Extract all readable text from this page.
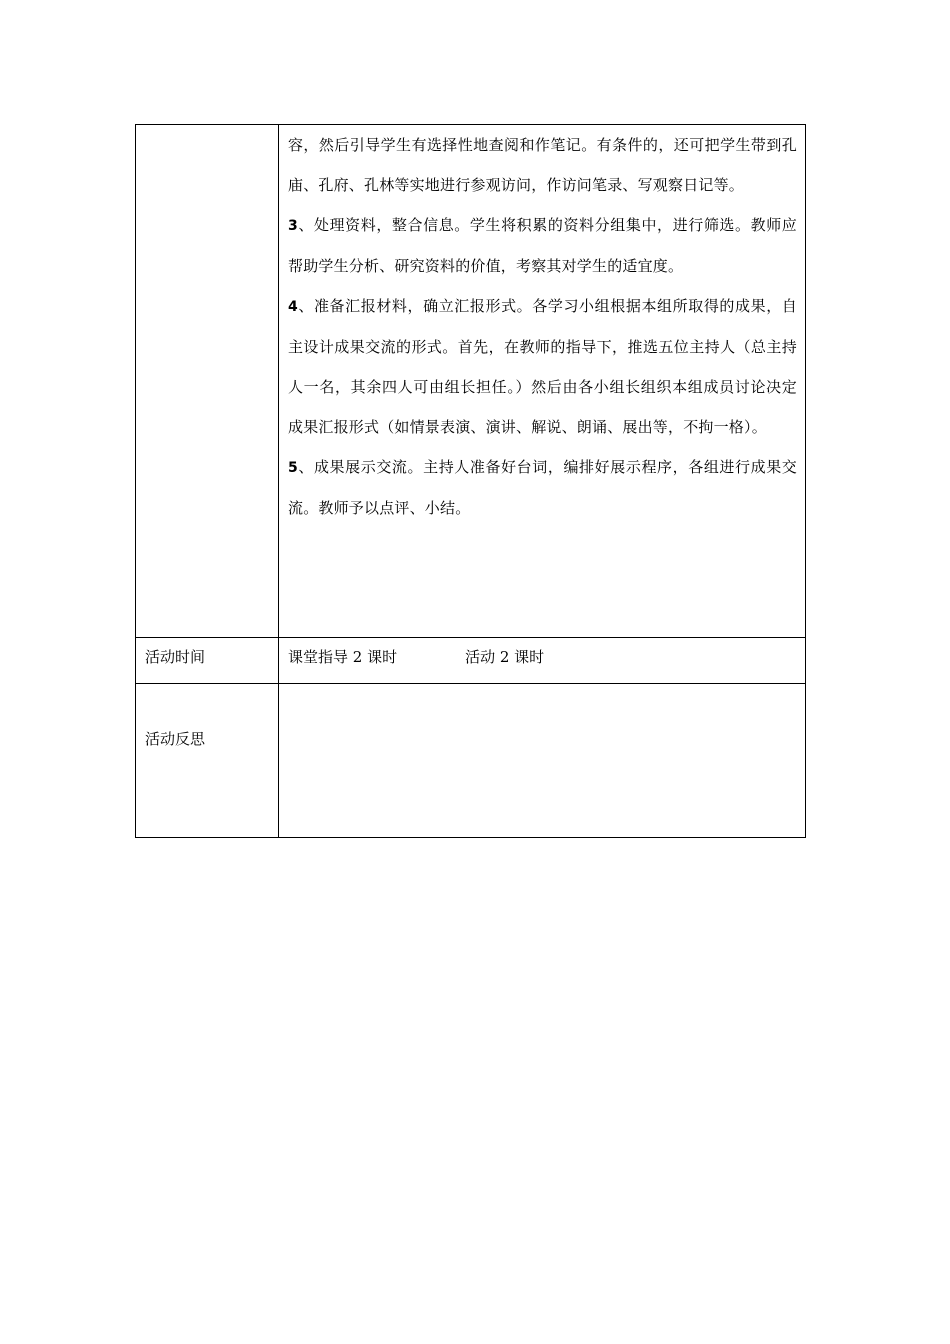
	容，然后引导学生有选择性地查阅和作笔记。有条件的，还可把学生带到孔庙、孔府、孔林等实地进行参观访问，作访问笔录、写观察日记等。

3、处理资料，整合信息。学生将积累的资料分组集中，进行筛选。教师应帮助学生分析、研究资料的价值，考察其对学生的适宜度。

4、准备汇报材料，确立汇报形式。各学习小组根据本组所取得的成果，自主设计成果交流的形式。首先，在教师的指导下，推选五位主持人（总主持人一名，其余四人可由组长担任。）然后由各小组长组织本组成员讨论决定成果汇报形式（如情景表演、演讲、解说、朗诵、展出等，不拘一格）。

5、成果展示交流。主持人准备好台词，编排好展示程序，各组进行成果交流。教师予以点评、小结。

活动时间	课堂指导 2 课时 活动 2 课时

活动反思	
